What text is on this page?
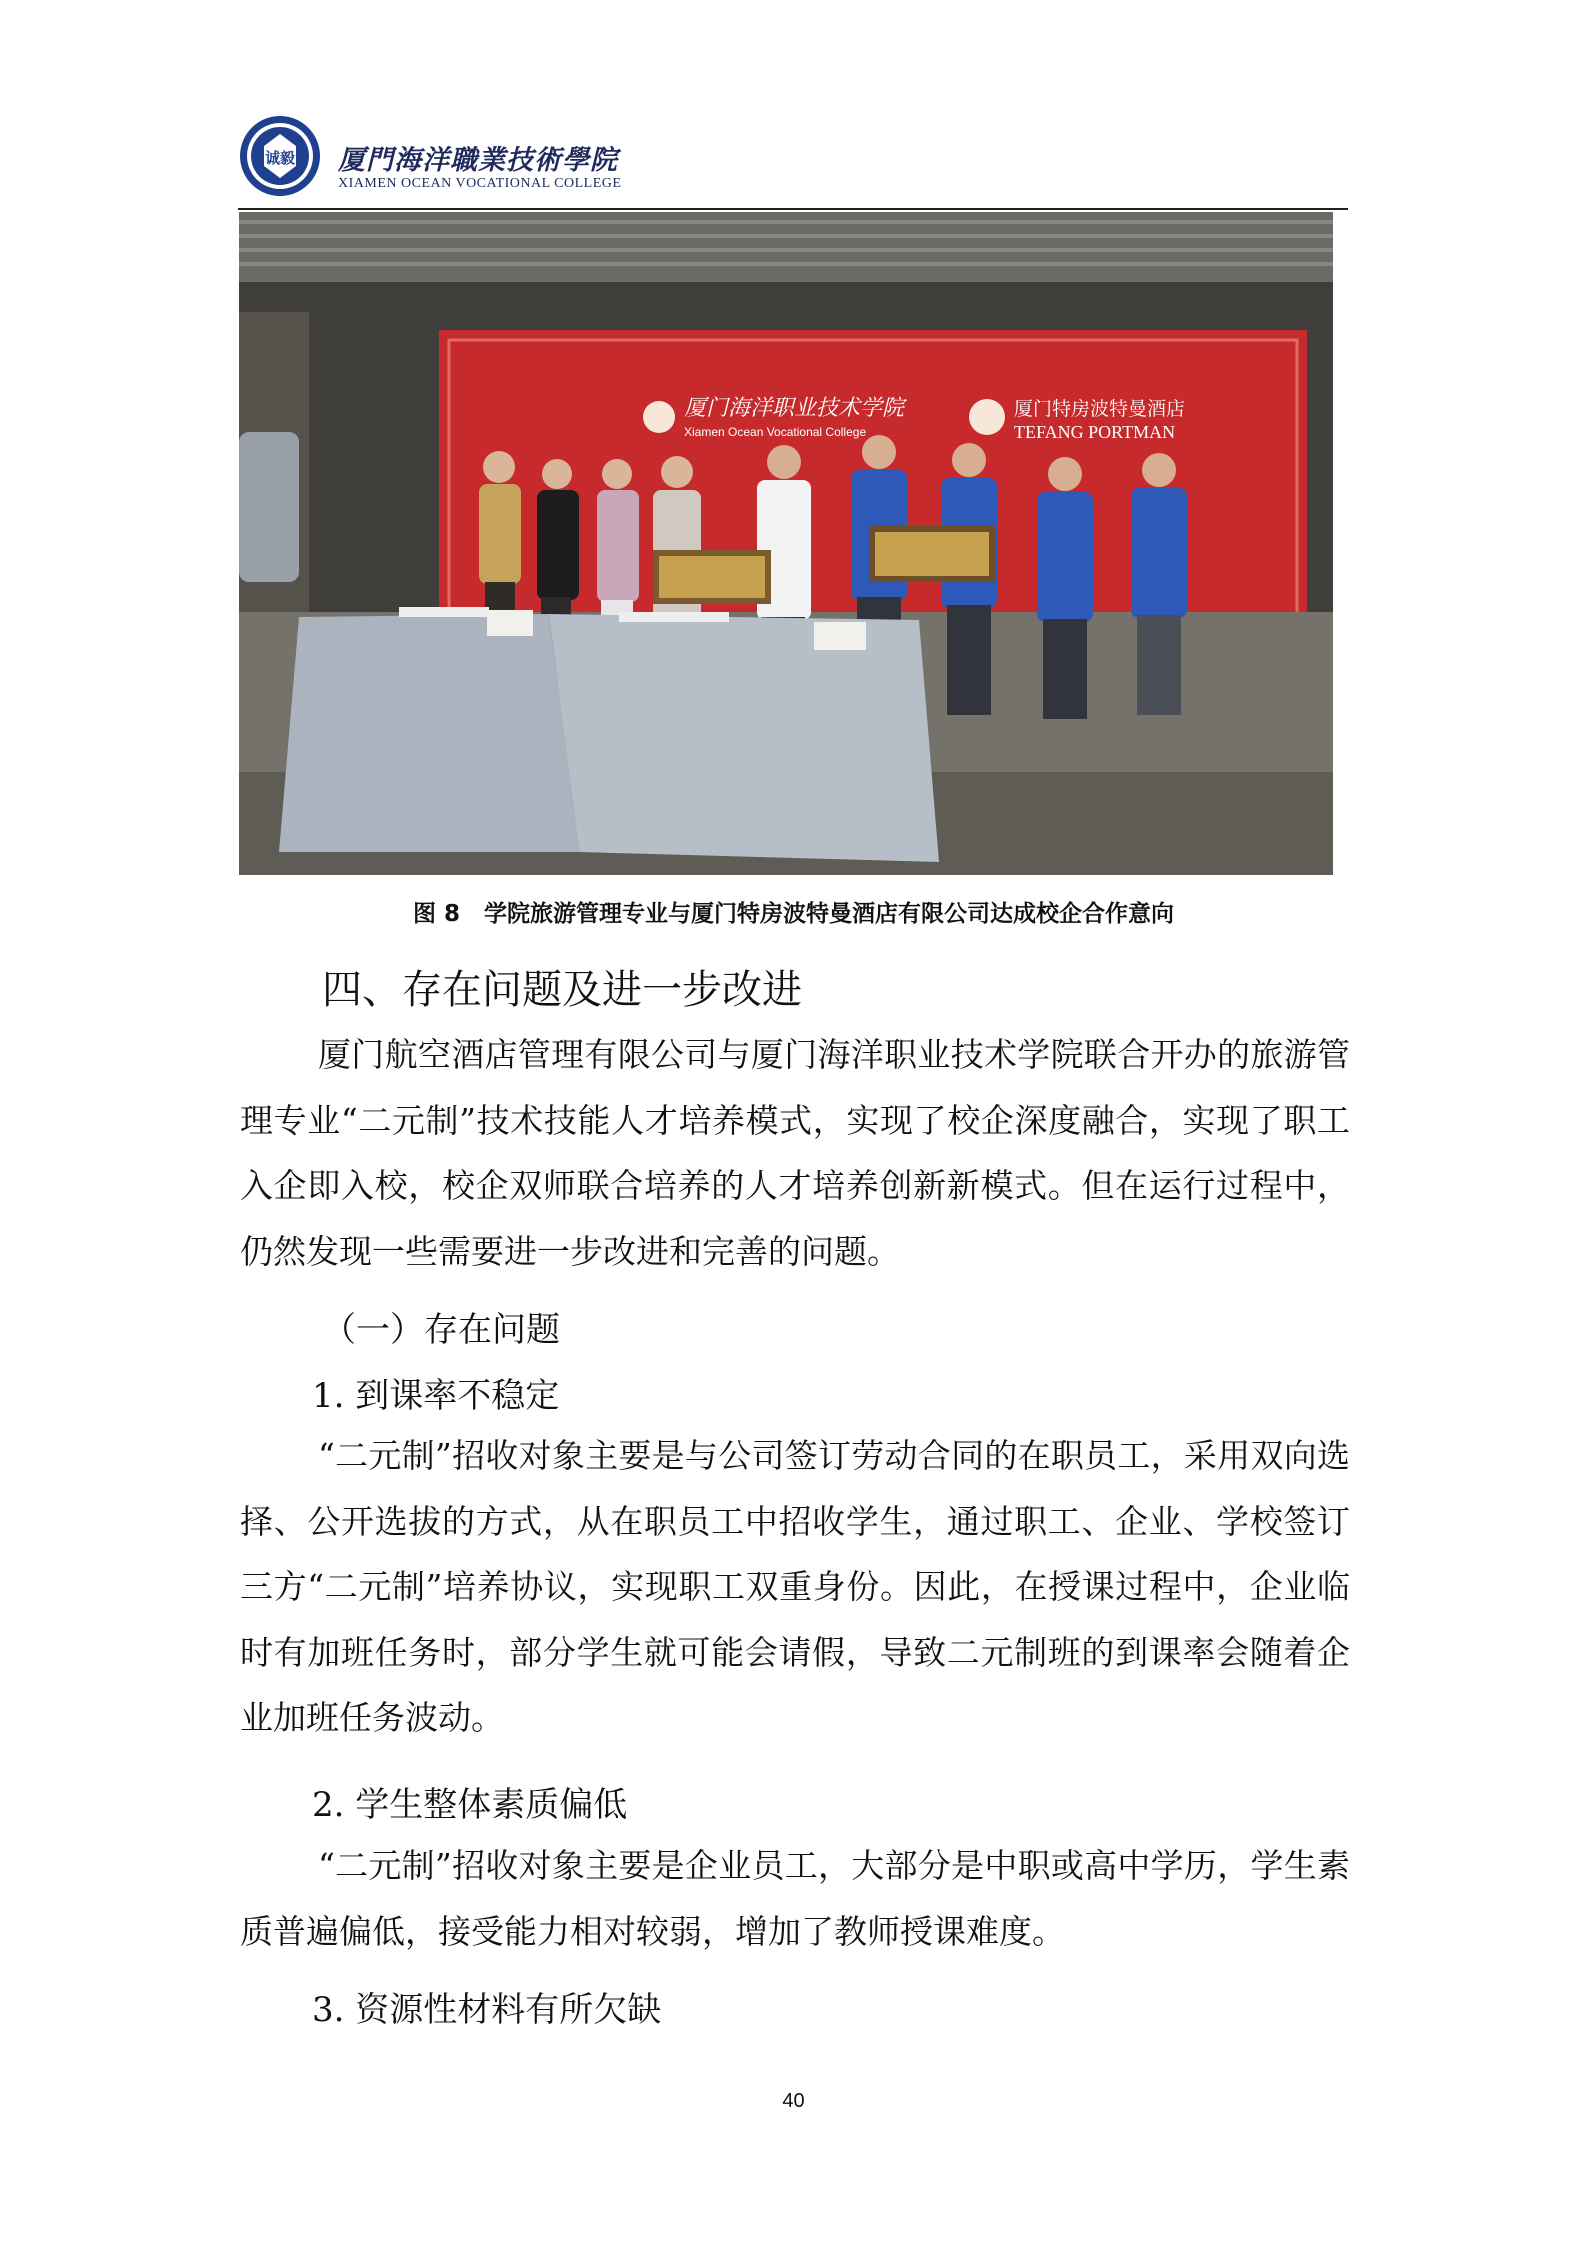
诚毅 厦門海洋職業技術學院
XIAMEN OCEAN VOCATIONAL COLLEGE
厦门海洋职业技术学院
Xiamen Ocean Vocational College
厦门特房波特曼酒店
TEFANG PORTMAN
图 8 学院旅游管理专业与厦门特房波特曼酒店有限公司达成校企合作意向
四、存在问题及进一步改进
厦门航空酒店管理有限公司与厦门海洋职业技术学院联合开办的旅游管理专业“二元制”技术技能人才培养模式，实现了校企深度融合，实现了职工入企即入校，校企双师联合培养的人才培养创新新模式。但在运行过程中，仍然发现一些需要进一步改进和完善的问题。
（一）存在问题
1. 到课率不稳定
“二元制”招收对象主要是与公司签订劳动合同的在职员工，采用双向选择、公开选拔的方式，从在职员工中招收学生，通过职工、企业、学校签订三方“二元制”培养协议，实现职工双重身份。因此，在授课过程中，企业临时有加班任务时，部分学生就可能会请假，导致二元制班的到课率会随着企业加班任务波动。
2. 学生整体素质偏低
“二元制”招收对象主要是企业员工，大部分是中职或高中学历，学生素质普遍偏低，接受能力相对较弱，增加了教师授课难度。
3. 资源性材料有所欠缺
40
